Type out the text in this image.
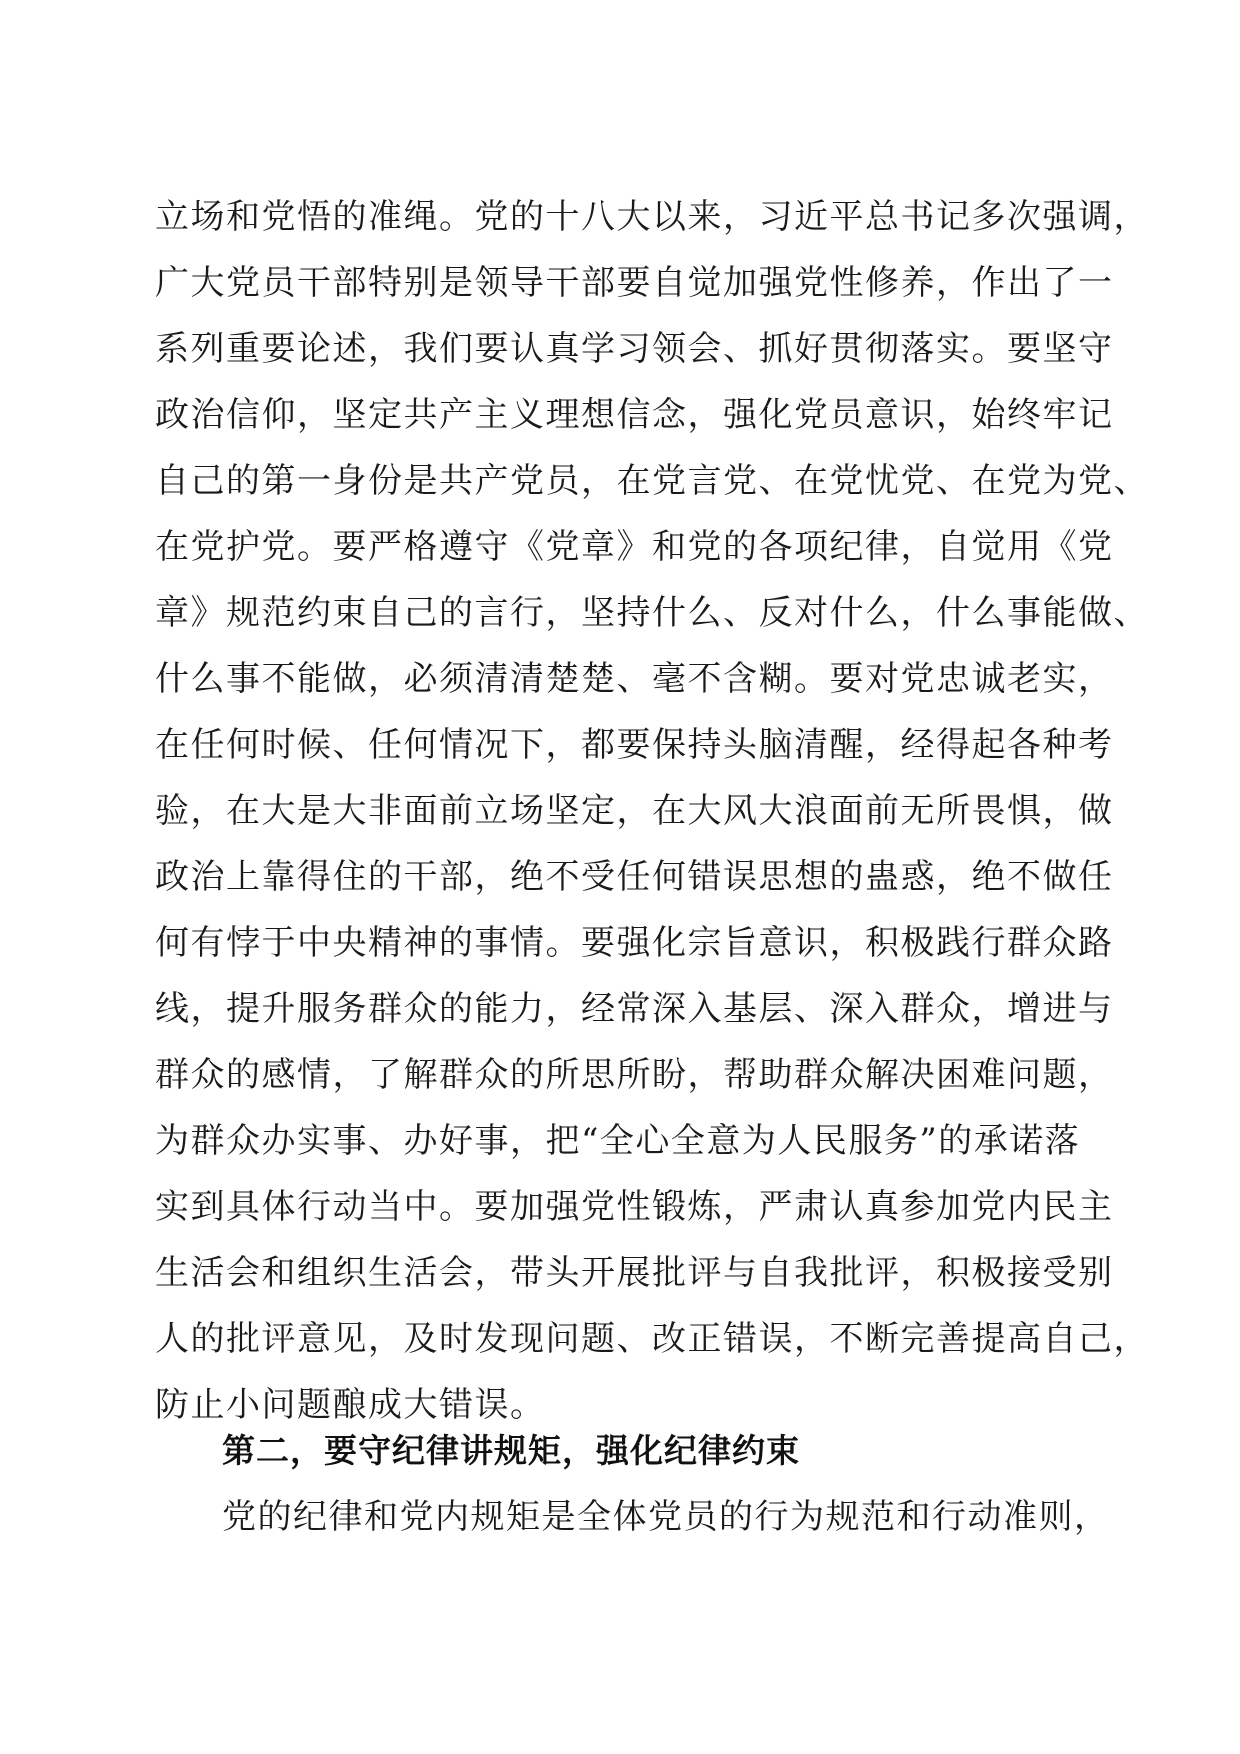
立场和党悟的准绳。党的十八大以来，习近平总书记多次强调，
广大党员干部特别是领导干部要自觉加强党性修养，作出了一
系列重要论述，我们要认真学习领会、抓好贯彻落实。要坚守
政治信仰，坚定共产主义理想信念，强化党员意识，始终牢记
自己的第一身份是共产党员，在党言党、在党忧党、在党为党、
在党护党。要严格遵守《党章》和党的各项纪律，自觉用《党
章》规范约束自己的言行，坚持什么、反对什么，什么事能做、
什么事不能做，必须清清楚楚、毫不含糊。要对党忠诚老实，
在任何时候、任何情况下，都要保持头脑清醒，经得起各种考
验，在大是大非面前立场坚定，在大风大浪面前无所畏惧，做
政治上靠得住的干部，绝不受任何错误思想的蛊惑，绝不做任
何有悖于中央精神的事情。要强化宗旨意识，积极践行群众路
线，提升服务群众的能力，经常深入基层、深入群众，增进与
群众的感情，了解群众的所思所盼，帮助群众解决困难问题，
为群众办实事、办好事，把“全心全意为人民服务”的承诺落
实到具体行动当中。要加强党性锻炼，严肃认真参加党内民主
生活会和组织生活会，带头开展批评与自我批评，积极接受别
人的批评意见，及时发现问题、改正错误，不断完善提高自己，
防止小问题酿成大错误。
第二，要守纪律讲规矩，强化纪律约束
党的纪律和党内规矩是全体党员的行为规范和行动准则，
